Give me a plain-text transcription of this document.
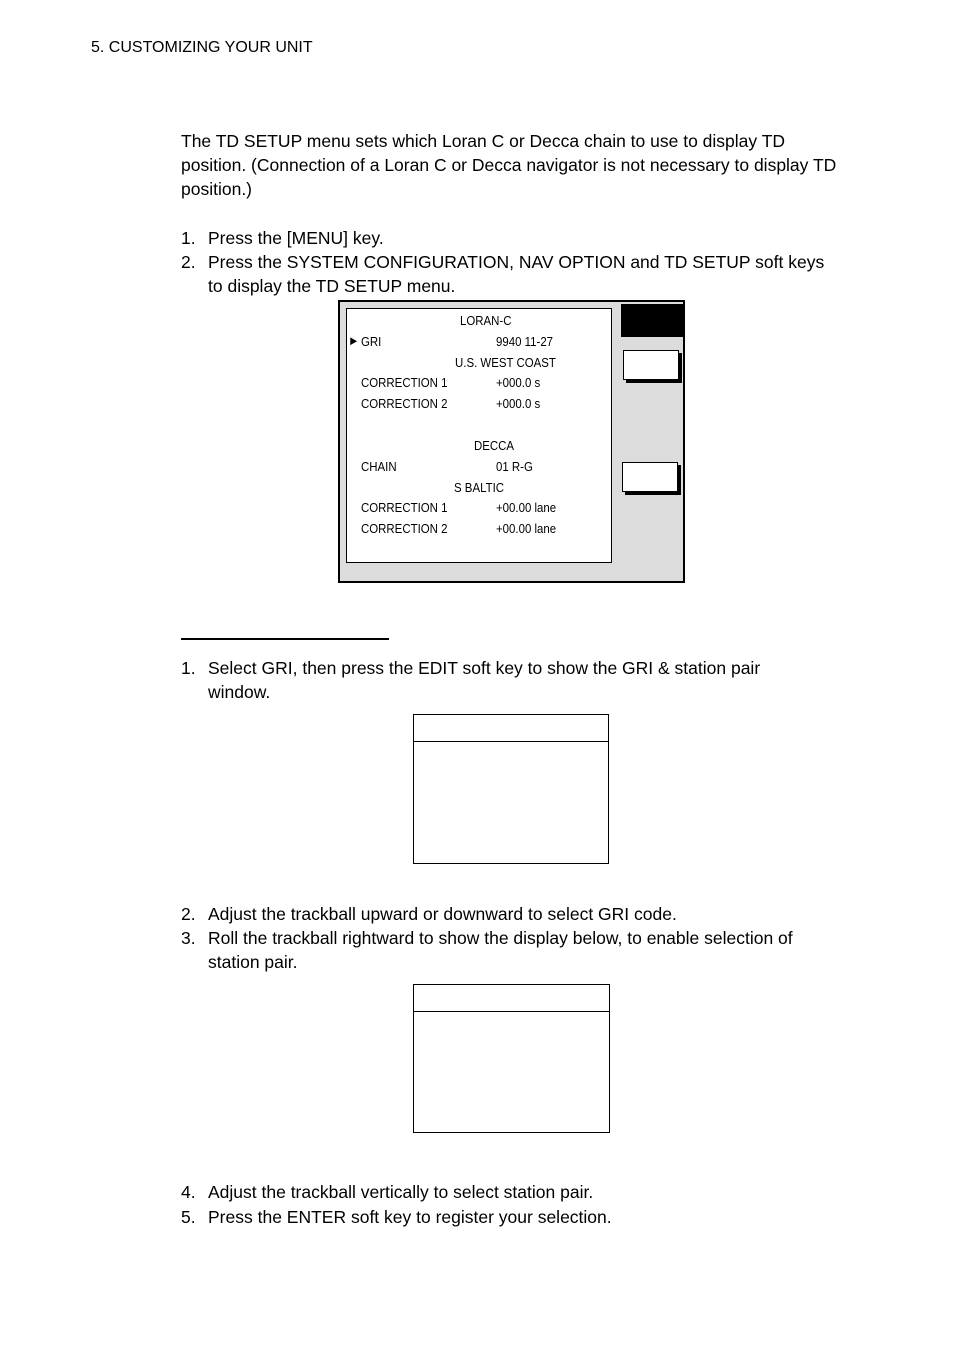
5. CUSTOMIZING YOUR UNIT
The TD SETUP menu sets which Loran C or Decca chain to use to display TD position. (Connection of a Loran C or Decca navigator is not necessary to display TD position.)
1. Press the [MENU] key.
2. Press the SYSTEM CONFIGURATION, NAV OPTION and TD SETUP soft keys to display the TD SETUP menu.
LORAN-C
► GRI	9940 11-27
U.S. WEST COAST
CORRECTION 1	+000.0 s
CORRECTION 2	+000.0 s
DECCA
CHAIN	01 R-G
S BALTIC
CORRECTION 1	+00.00 lane
CORRECTION 2	+00.00 lane
1. Select GRI, then press the EDIT soft key to show the GRI & station pair window.
2. Adjust the trackball upward or downward to select GRI code.
3. Roll the trackball rightward to show the display below, to enable selection of station pair.
4. Adjust the trackball vertically to select station pair.
5. Press the ENTER soft key to register your selection.
